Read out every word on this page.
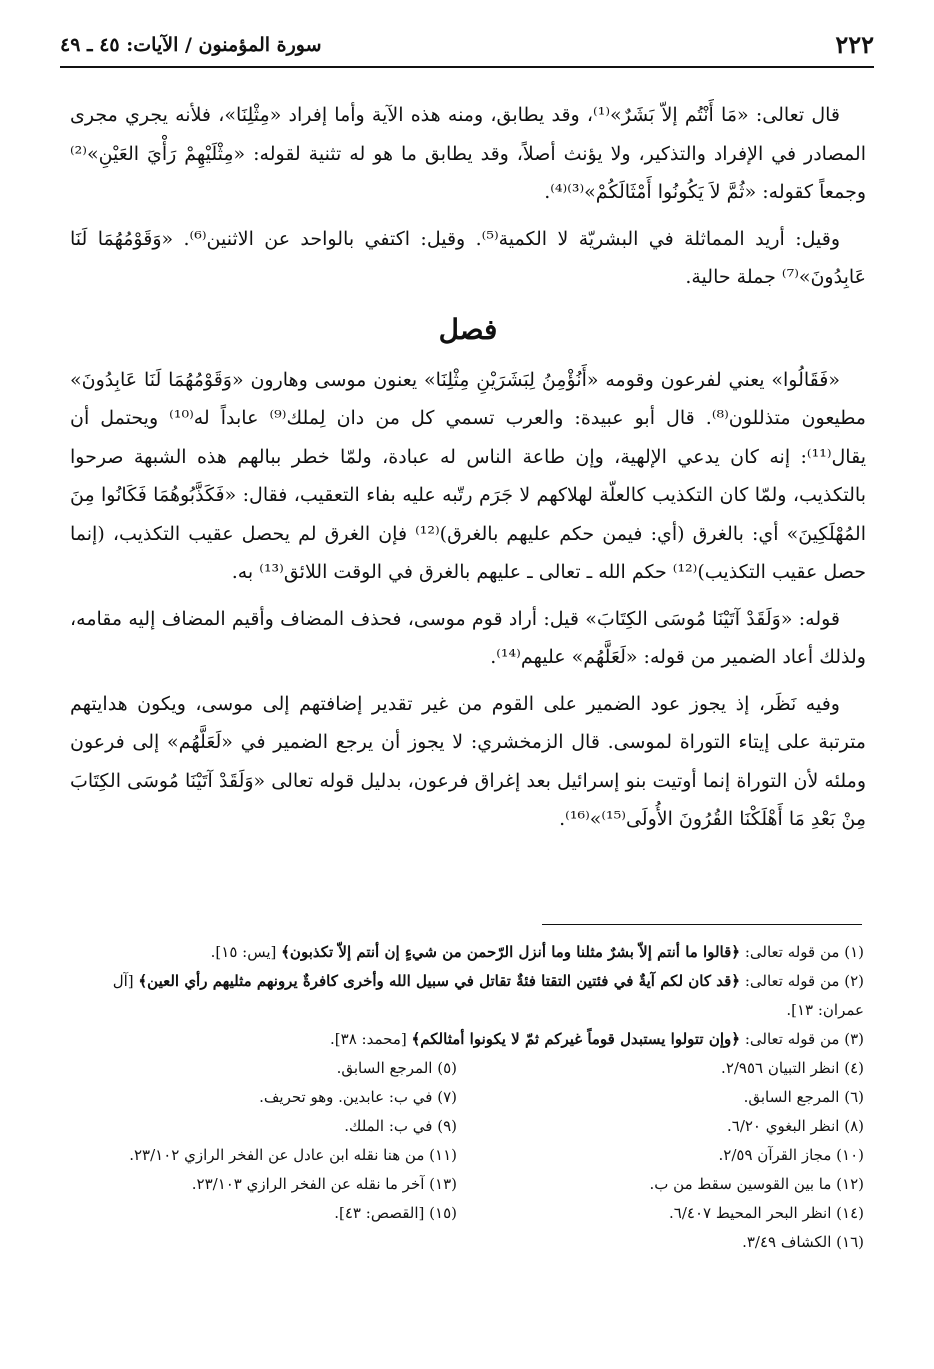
٢٢٢
سورة المؤمنون / الآيات: ٤٥ ـ ٤٩

قال تعالى: «مَا أَنْتُم إلاّ بَشَرٌ»⁽¹⁾، وقد يطابق، ومنه هذه الآية وأما إفراد «مِثْلِنَا»، فلأنه يجري مجرى المصادر في الإفراد والتذكير، ولا يؤنث أصلاً، وقد يطابق ما هو له تثنية لقوله: «مِثْلَيْهِمْ رَأْيَ العَيْنِ»⁽²⁾ وجمعاً كقوله: «ثُمَّ لاَ يَكُونُوا أَمْثَالَكُمْ»⁽³⁾⁽⁴⁾.

وقيل: أريد المماثلة في البشريّة لا الكمية⁽⁵⁾. وقيل: اكتفي بالواحد عن الاثنين⁽⁶⁾. «وَقَوْمُهُمَا لَنَا عَابِدُونَ»⁽⁷⁾ جملة حالية.

فصل

«فَقَالُوا» يعني لفرعون وقومه «أَنُؤْمِنُ لِبَشَرَيْنِ مِثْلِنَا» يعنون موسى وهارون «وَقَوْمُهُمَا لَنَا عَابِدُونَ» مطيعون متذللون⁽⁸⁾. قال أبو عبيدة: والعرب تسمي كل من دان لِملك⁽⁹⁾ عابداً له⁽¹⁰⁾ ويحتمل أن يقال⁽¹¹⁾: إنه كان يدعي الإلهية، وإن طاعة الناس له عبادة، ولمّا خطر ببالهم هذه الشبهة صرحوا بالتكذيب، ولمّا كان التكذيب كالعلّة لهلاكهم لا جَرَم رتّبه عليه بفاء التعقيب، فقال: «فَكَذَّبُوهُمَا فَكَانُوا مِنَ المُهْلَكِينَ» أي: بالغرق (أي: فيمن حكم عليهم بالغرق)⁽¹²⁾ فإن الغرق لم يحصل عقيب التكذيب، (إنما حصل عقيب التكذيب)⁽¹²⁾ حكم الله ـ تعالى ـ عليهم بالغرق في الوقت اللائق⁽¹³⁾ به.

قوله: «وَلَقَدْ آتَيْنَا مُوسَى الكِتَابَ» قيل: أراد قوم موسى، فحذف المضاف وأقيم المضاف إليه مقامه، ولذلك أعاد الضمير من قوله: «لَعَلَّهُم» عليهم⁽¹⁴⁾.

وفيه نَظَر، إذ يجوز عود الضمير على القوم من غير تقدير إضافتهم إلى موسى، ويكون هدايتهم مترتبة على إيتاء التوراة لموسى. قال الزمخشري: لا يجوز أن يرجع الضمير في «لَعَلَّهُم» إلى فرعون وملئه لأن التوراة إنما أوتيت بنو إسرائيل بعد إغراق فرعون، بدليل قوله تعالى «وَلَقَدْ آتَيْنَا مُوسَى الكِتَابَ مِنْ بَعْدِ مَا أَهْلَكْنَا القُرُونَ الأُولَى⁽¹⁵⁾»⁽¹⁶⁾.

(١) من قوله تعالى: ﴿قالوا ما أنتم إلاّ بشرٌ مثلنا وما أنزل الرّحمن من شيءٍ إن أنتم إلاّ تكذبون﴾ [يس: ١٥].

(٢) من قوله تعالى: ﴿قد كان لكم آيةٌ في فئتين التقتا فئةٌ تقاتل في سبيل الله وأخرى كافرةٌ يرونهم مثليهم رأي العين﴾ [آل عمران: ١٣].

(٣) من قوله تعالى: ﴿وإن تتولوا يستبدل قوماً غيركم ثمّ لا يكونوا أمثالكم﴾ [محمد: ٣٨].

(٤) انظر التبيان ٢/٩٥٦.
(٥) المرجع السابق.
(٦) المرجع السابق.
(٧) في ب: عابدين. وهو تحريف.
(٨) انظر البغوي ٦/٢٠.
(٩) في ب: الملك.
(١٠) مجاز القرآن ٢/٥٩.
(١١) من هنا نقله ابن عادل عن الفخر الرازي ٢٣/١٠٢.
(١٢) ما بين القوسين سقط من ب.
(١٣) آخر ما نقله عن الفخر الرازي ٢٣/١٠٣.
(١٤) انظر البحر المحيط ٦/٤٠٧.
(١٥) [القصص: ٤٣].
(١٦) الكشاف ٣/٤٩.
